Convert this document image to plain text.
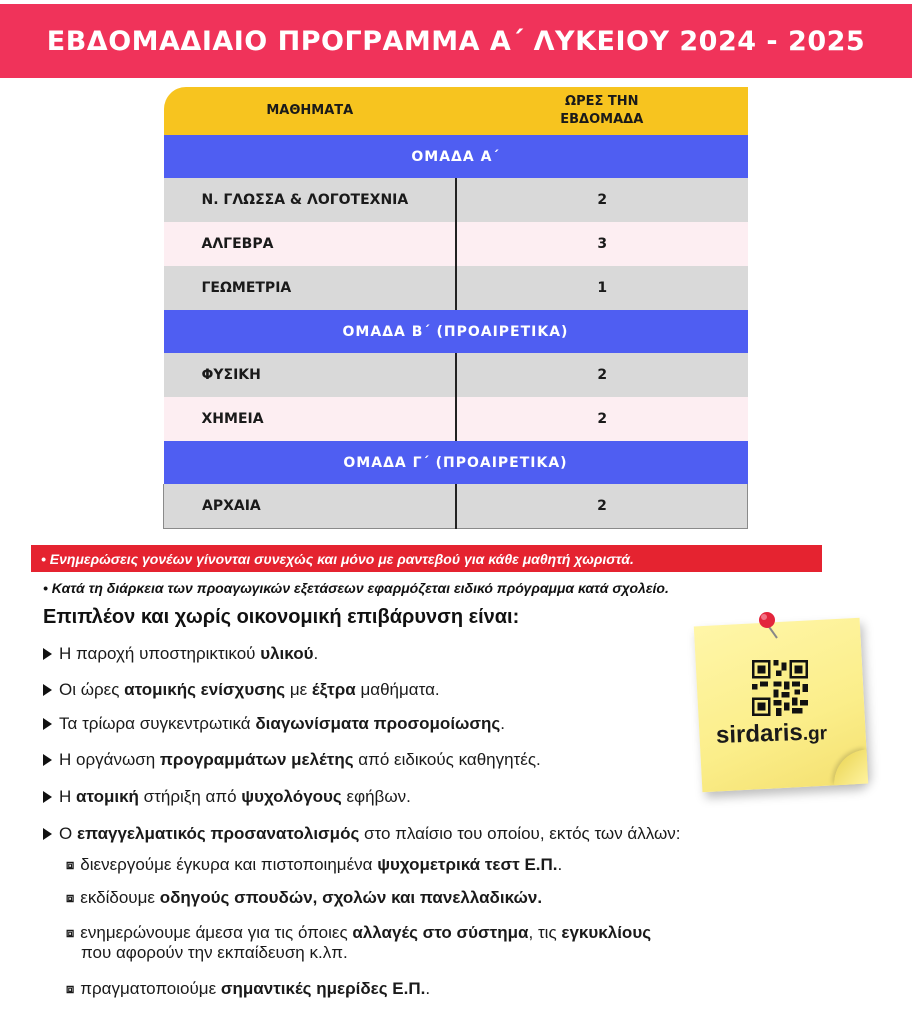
ΕΒΔΟΜΑΔΙΑΙΟ ΠΡΟΓΡΑΜΜΑ Α΄ ΛΥΚΕΙΟΥ 2024 - 2025
ΜΑΘΗΜΑΤΑ	ΩΡΕΣ ΤΗΝ
ΕΒΔΟΜΑΔΑ
ΟΜΑΔΑ Α΄	
Ν. ΓΛΩΣΣΑ & ΛΟΓΟΤΕΧΝΙΑ	2
ΑΛΓΕΒΡΑ	3
ΓΕΩΜΕΤΡΙΑ	1
ΟΜΑΔΑ Β΄ (ΠΡΟΑΙΡΕΤΙΚΑ)	
ΦΥΣΙΚΗ	2
ΧΗΜΕΙΑ	2
ΟΜΑΔΑ Γ΄ (ΠΡΟΑΙΡΕΤΙΚΑ)	
ΑΡΧΑΙΑ	2
• Ενημερώσεις γονέων γίνονται συνεχώς και μόνο με ραντεβού για κάθε μαθητή χωριστά.
• Κατά τη διάρκεια των προαγωγικών εξετάσεων εφαρμόζεται ειδικό πρόγραμμα κατά σχολείο.
Επιπλέον και χωρίς οικονομική επιβάρυνση είναι:
Η παροχή υποστηρικτικού υλικού.
Οι ώρες ατομικής ενίσχυσης με έξτρα μαθήματα.
Τα τρίωρα συγκεντρωτικά διαγωνίσματα προσομοίωσης.
Η οργάνωση προγραμμάτων μελέτης από ειδικούς καθηγητές.
Η ατομική στήριξη από ψυχολόγους εφήβων.
Ο επαγγελματικός προσανατολισμός στο πλαίσιο του οποίου, εκτός των άλλων:
⧈ διενεργούμε έγκυρα και πιστοποιημένα ψυχομετρικά τεστ Ε.Π..
⧈ εκδίδουμε οδηγούς σπουδών, σχολών και πανελλαδικών.
⧈ ενημερώνουμε άμεσα για τις όποιες αλλαγές στο σύστημα, τις εγκυκλίους
που αφορούν την εκπαίδευση κ.λπ.
⧈ πραγματοποιούμε σημαντικές ημερίδες Ε.Π..
sirdaris.gr
